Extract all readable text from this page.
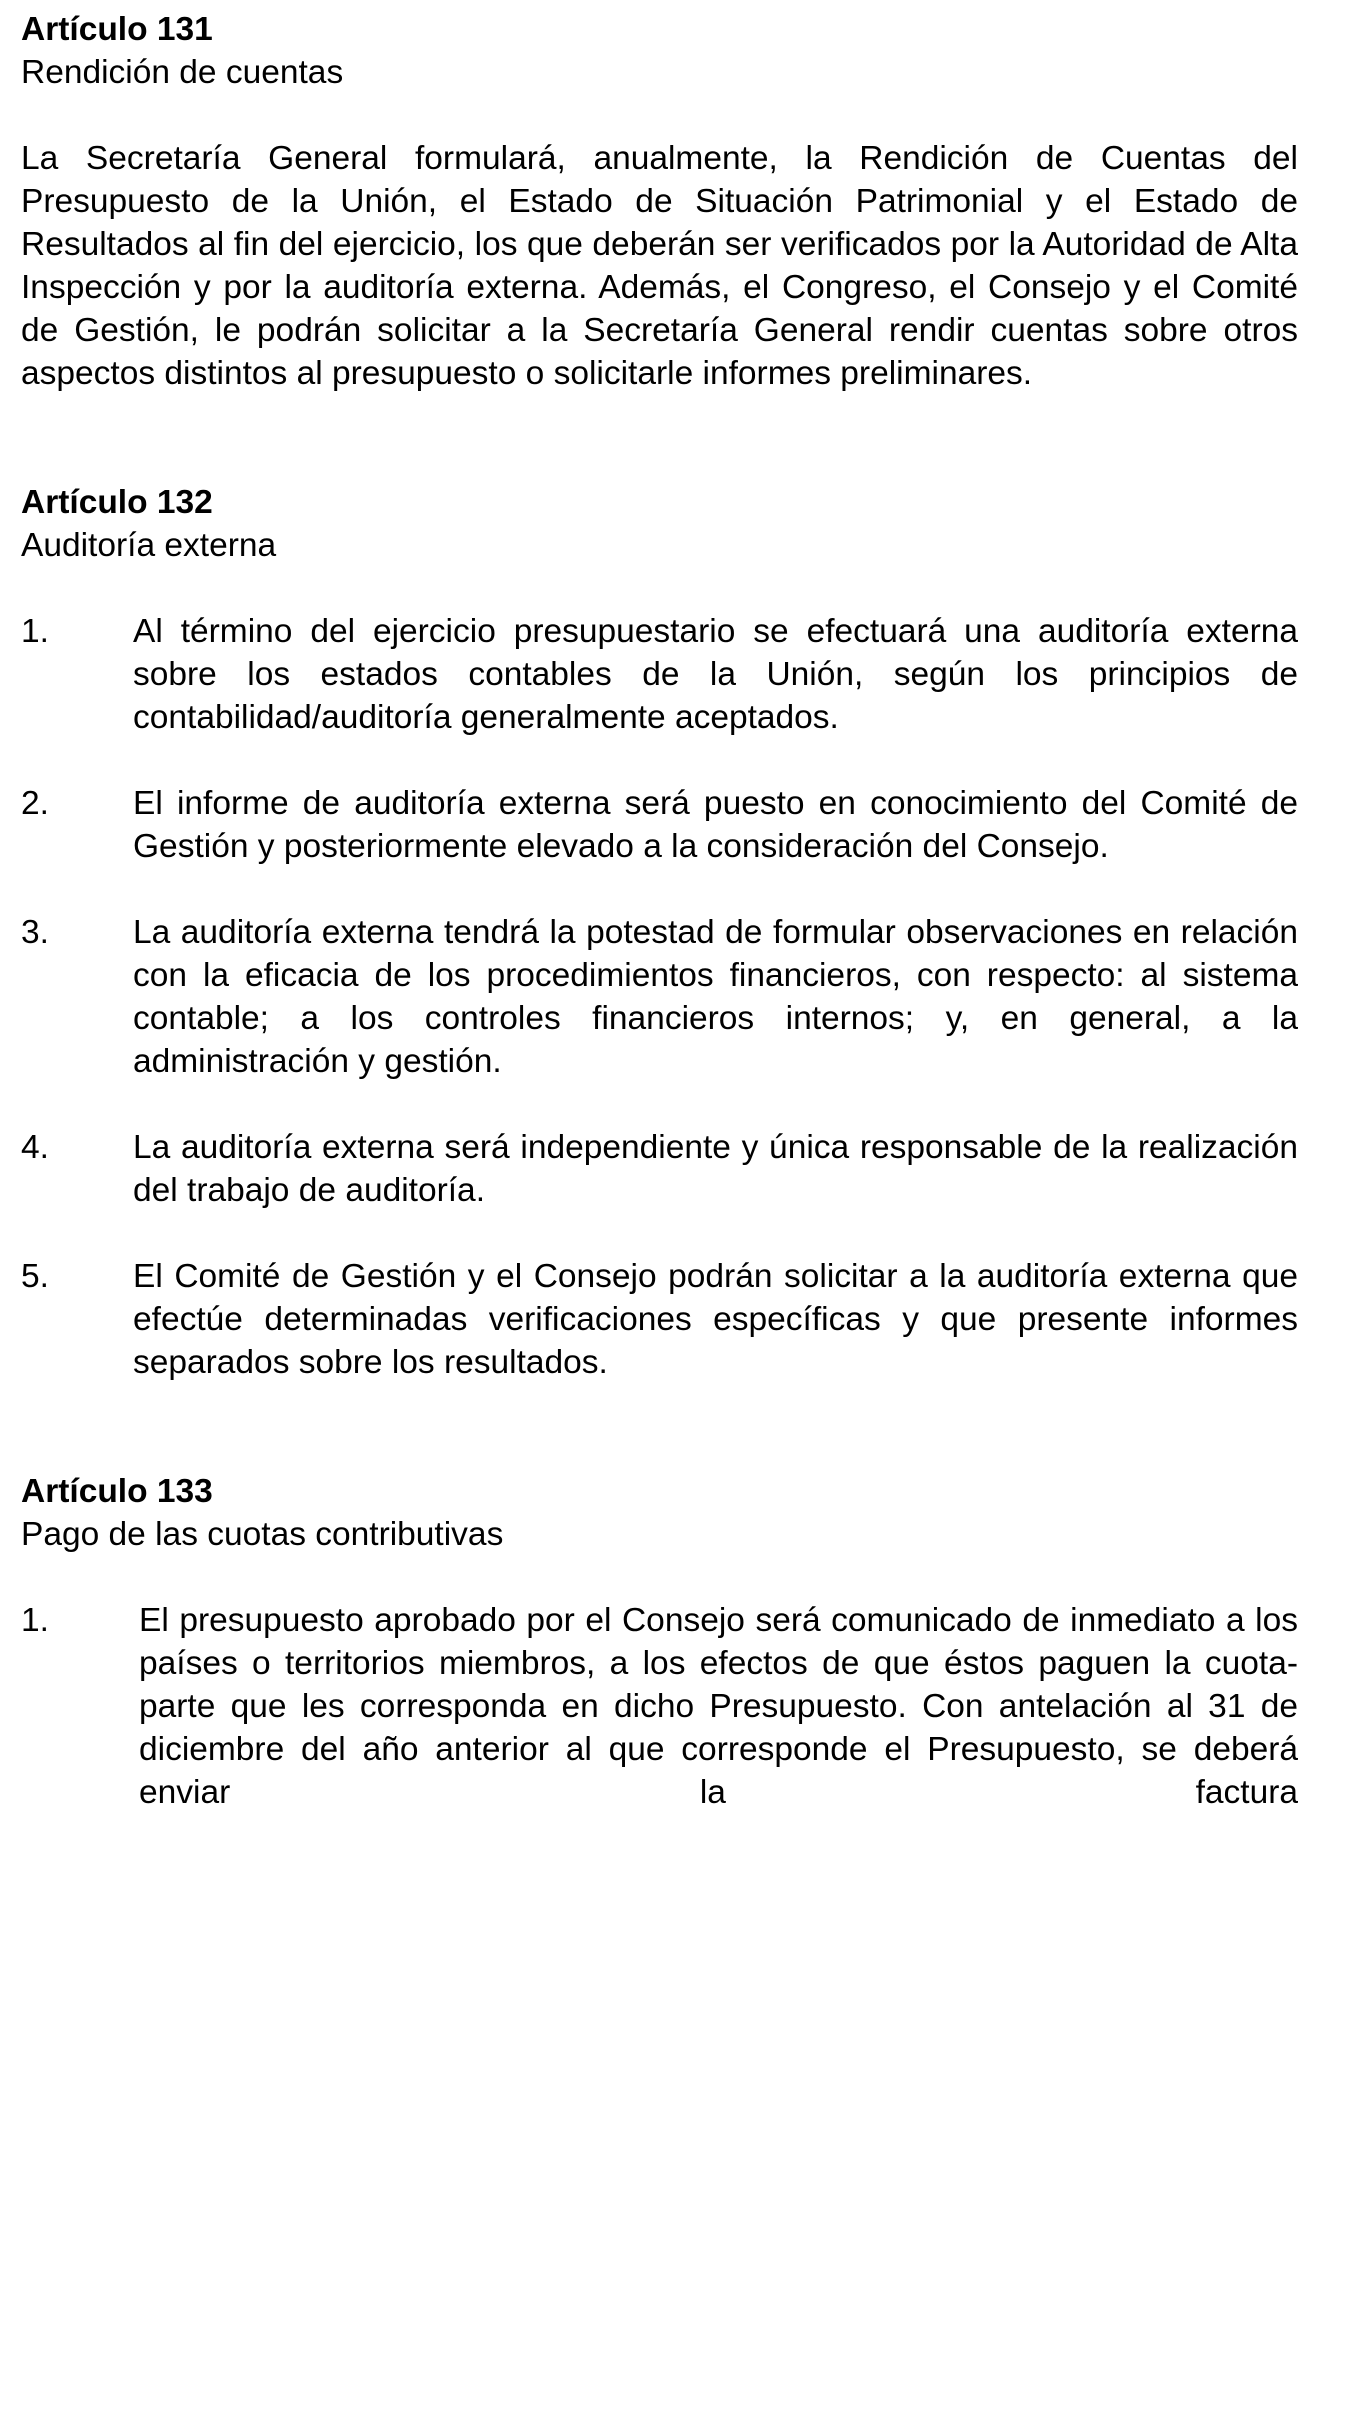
Artículo 131
Rendición de cuentas
La Secretaría General formulará, anualmente, la Rendición de Cuentas del Presupuesto de la Unión, el Estado de Situación Patrimonial y el Estado de Resultados al fin del ejercicio, los que deberán ser verificados por la Autoridad de Alta Inspección y por la auditoría externa. Además, el Congreso, el Consejo y el Comité de Gestión, le podrán solicitar a la Secretaría General rendir cuentas sobre otros aspectos distintos al presupuesto o solicitarle informes preliminares.
Artículo 132
Auditoría externa
1.	Al término del ejercicio presupuestario se efectuará una auditoría externa sobre los estados contables de la Unión, según los principios de contabilidad/auditoría generalmente aceptados.
2.	El informe de auditoría externa será puesto en conocimiento del Comité de Gestión y posteriormente elevado a la consideración del Consejo.
3.	La auditoría externa tendrá la potestad de formular observaciones en relación con la eficacia de los procedimientos financieros, con respecto: al sistema contable; a los controles financieros internos; y, en general, a la administración y gestión.
4.	La auditoría externa será independiente y única responsable de la realización del trabajo de auditoría.
5.	El Comité de Gestión y el Consejo podrán solicitar a la auditoría externa que efectúe determinadas verificaciones específicas y que presente informes separados sobre los resultados.
Artículo 133
Pago de las cuotas contributivas
1.	El presupuesto aprobado por el Consejo será comunicado de inmediato a los países o territorios miembros, a los efectos de que éstos paguen la cuota-parte que les corresponda en dicho Presupuesto. Con antelación al 31 de diciembre del año anterior al que corresponde el Presupuesto, se deberá enviar la factura
